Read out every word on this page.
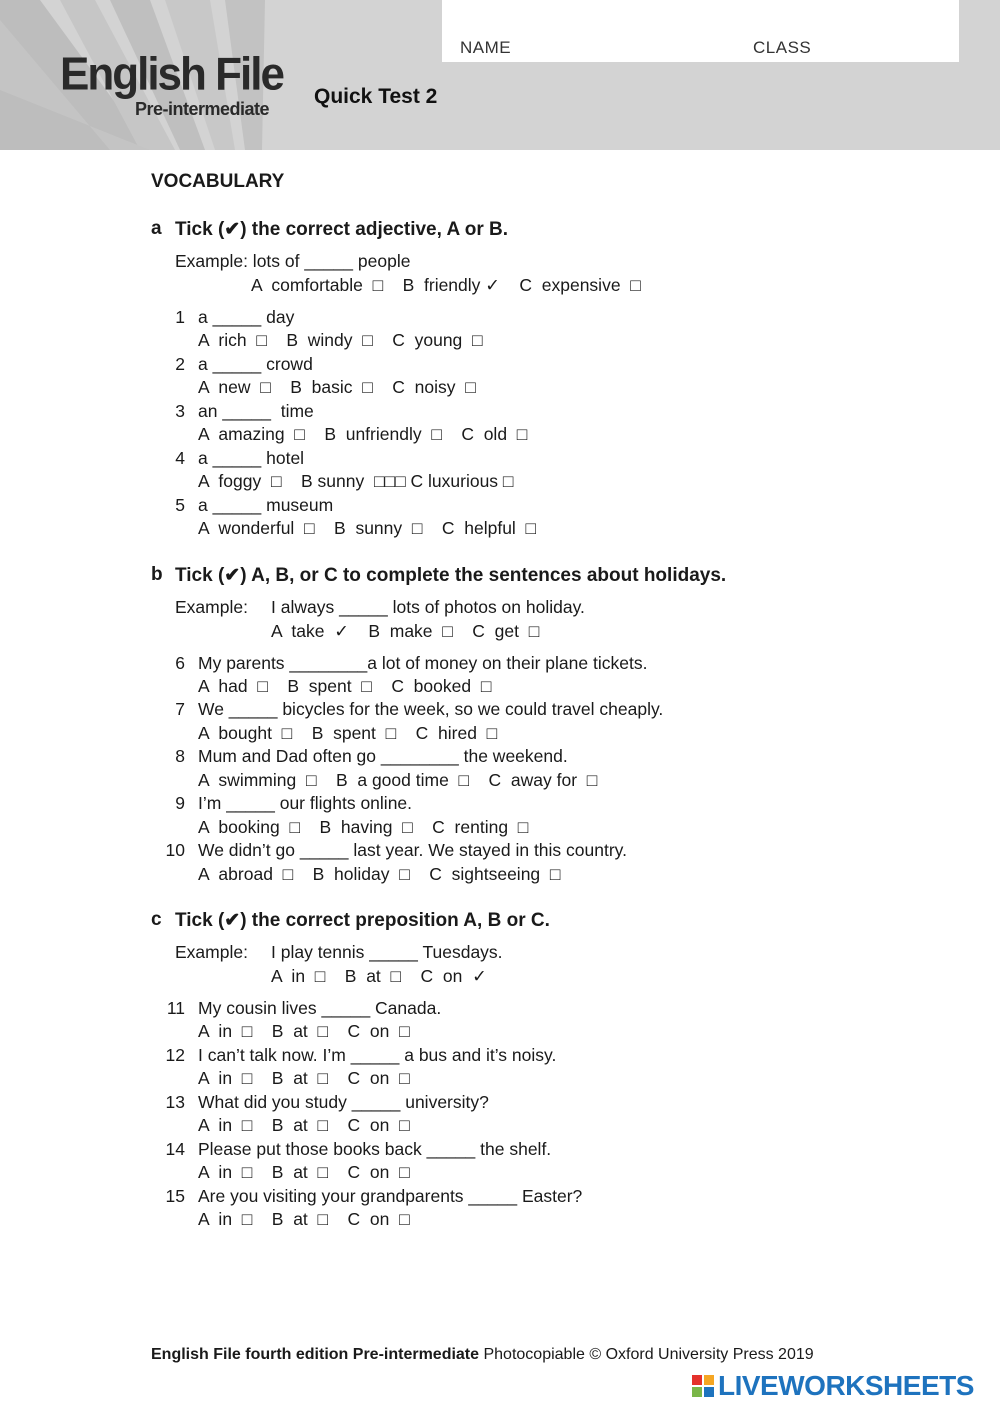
English File
Pre-intermediate
Quick Test 2
NAME	CLASS
VOCABULARY
a Tick (✔) the correct adjective, A or B.
Example: lots of _____ people
A  comfortable  □    B  friendly ✓    C  expensive  □
1 a _____ day
A  rich  □    B  windy  □    C  young  □
2 a _____ crowd
A  new  □    B  basic  □    C  noisy  □
3 an _____  time
A  amazing  □    B  unfriendly  □    C  old  □
4 a _____ hotel
A  foggy  □    B sunny  □□□ C luxurious □
5 a _____ museum
A  wonderful  □    B  sunny  □    C  helpful  □
b Tick (✔) A, B, or C to complete the sentences about holidays.
Example: I always _____ lots of photos on holiday.
A  take  ✓    B  make  □    C  get  □
6 My parents ________a lot of money on their plane tickets.
A  had  □    B  spent  □    C  booked  □
7 We _____ bicycles for the week, so we could travel cheaply.
A  bought  □    B  spent  □    C  hired  □
8 Mum and Dad often go ________ the weekend.
A  swimming  □    B  a good time  □    C  away for  □
9 I’m _____ our flights online.
A  booking  □    B  having  □    C  renting  □
10 We didn’t go _____ last year. We stayed in this country.
A  abroad  □    B  holiday  □    C  sightseeing  □
c Tick (✔) the correct preposition A, B or C.
Example: I play tennis _____ Tuesdays.
A  in  □    B  at  □    C  on  ✓
11 My cousin lives _____ Canada.
A  in  □    B  at  □    C  on  □
12 I can’t talk now. I’m _____ a bus and it’s noisy.
A  in  □    B  at  □    C  on  □
13 What did you study _____ university?
A  in  □    B  at  □    C  on  □
14 Please put those books back _____ the shelf.
A  in  □    B  at  □    C  on  □
15 Are you visiting your grandparents _____ Easter?
A  in  □    B  at  □    C  on  □
English File fourth edition Pre-intermediate Photocopiable © Oxford University Press 2019
LIVEWORKSHEETS
